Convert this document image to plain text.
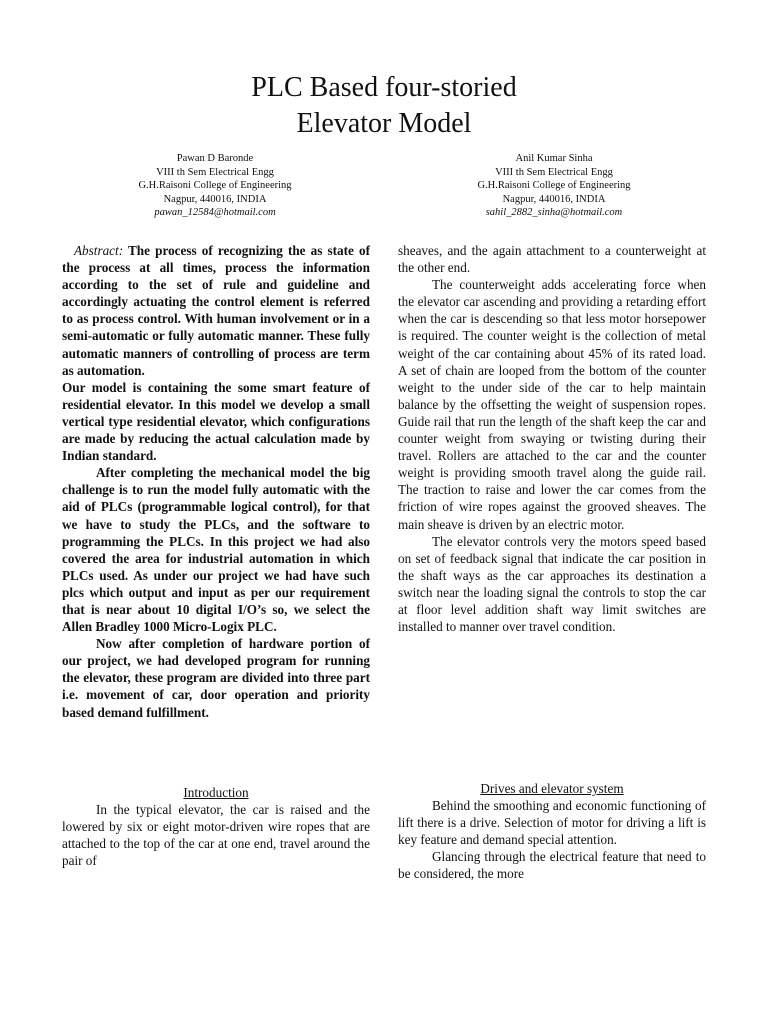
PLC Based four-storied
Elevator Model
Pawan D Baronde
VIII th Sem Electrical Engg
G.H.Raisoni College of Engineering
Nagpur, 440016, INDIA
pawan_12584@hotmail.com
Anil Kumar Sinha
VIII th Sem Electrical Engg
G.H.Raisoni College of Engineering
Nagpur, 440016, INDIA
sahil_2882_sinha@hotmail.com

Abstract: The process of recognizing the as state of the process at all times, process the information according to the set of rule and guideline and accordingly actuating the control element is referred to as process control. With human involvement or in a semi-automatic or fully automatic manner. These fully automatic manners of controlling of process are term as automation.

Our model is containing the some smart feature of residential elevator. In this model we develop a small vertical type residential elevator, which configurations are made by reducing the actual calculation made by Indian standard.

After completing the mechanical model the big challenge is to run the model fully automatic with the aid of PLCs (programmable logical control), for that we have to study the PLCs, and the software to programming the PLCs. In this project we had also covered the area for industrial automation in which PLCs used. As under our project we had have such plcs which output and input as per our requirement that is near about 10 digital I/O’s so, we select the Allen Bradley 1000 Micro-Logix PLC.

Now after completion of hardware portion of our project, we had developed program for running the elevator, these program are divided into three part i.e. movement of car, door operation and priority based demand fulfillment.

Introduction

In the typical elevator, the car is raised and the lowered by six or eight motor-driven wire ropes that are attached to the top of the car at one end, travel around the pair of

sheaves, and the again attachment to a counterweight at the other end.

The counterweight adds accelerating force when the elevator car ascending and providing a retarding effort when the car is descending so that less motor horsepower is required. The counter weight is the collection of metal weight of the car containing about 45% of its rated load. A set of chain are looped from the bottom of the counter weight to the under side of the car to help maintain balance by the offsetting the weight of suspension ropes. Guide rail that run the length of the shaft keep the car and counter weight from swaying or twisting during their travel. Rollers are attached to the car and the counter weight is providing smooth travel along the guide rail. The traction to raise and lower the car comes from the friction of wire ropes against the grooved sheaves. The main sheave is driven by an electric motor.

The elevator controls very the motors speed based on set of feedback signal that indicate the car position in the shaft ways as the car approaches its destination a switch near the loading signal the controls to stop the car at floor level addition shaft way limit switches are installed to manner over travel condition.

Drives and elevator system

Behind the smoothing and economic functioning of lift there is a drive. Selection of motor for driving a lift is key feature and demand special attention.

Glancing through the electrical feature that need to be considered, the more
